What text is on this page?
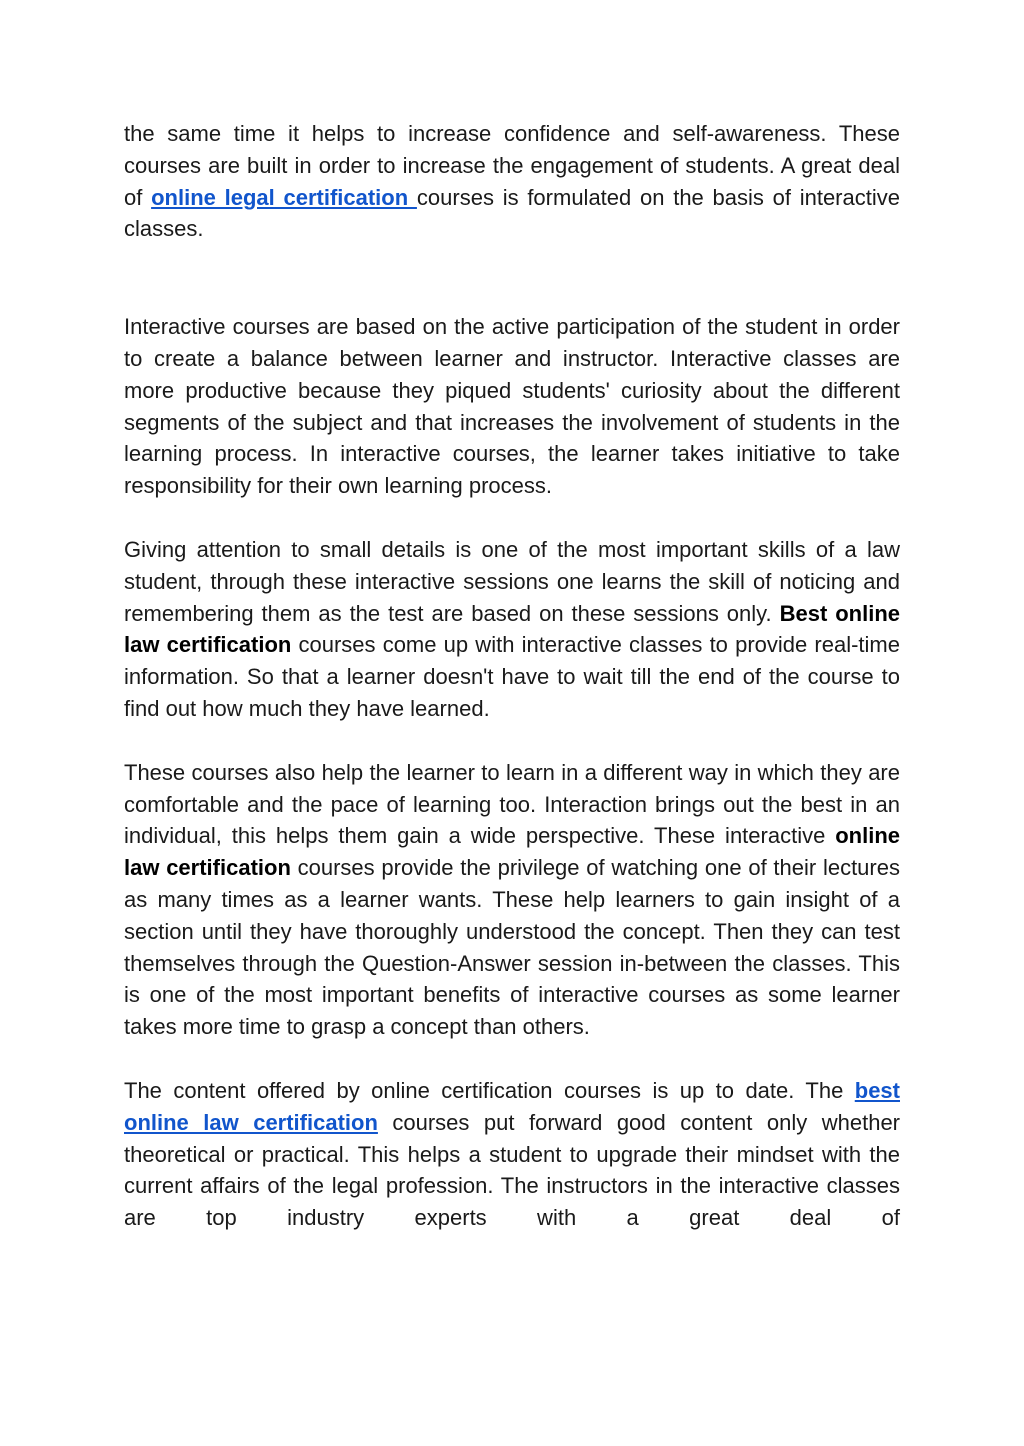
the same time it helps to increase confidence and self-awareness. These courses are built in order to increase the engagement of students. A great deal of online legal certification courses is formulated on the basis of interactive classes.

Interactive courses are based on the active participation of the student in order to create a balance between learner and instructor. Interactive classes are more productive because they piqued students' curiosity about the different segments of the subject and that increases the involvement of students in the learning process. In interactive courses, the learner takes initiative to take responsibility for their own learning process.

Giving attention to small details is one of the most important skills of a law student, through these interactive sessions one learns the skill of noticing and remembering them as the test are based on these sessions only. Best online law certification courses come up with interactive classes to provide real-time information. So that a learner doesn't have to wait till the end of the course to find out how much they have learned.

These courses also help the learner to learn in a different way in which they are comfortable and the pace of learning too. Interaction brings out the best in an individual, this helps them gain a wide perspective. These interactive online law certification courses provide the privilege of watching one of their lectures as many times as a learner wants. These help learners to gain insight of a section until they have thoroughly understood the concept. Then they can test themselves through the Question-Answer session in-between the classes. This is one of the most important benefits of interactive courses as some learner takes more time to grasp a concept than others.

The content offered by online certification courses is up to date. The best online law certification courses put forward good content only whether theoretical or practical. This helps a student to upgrade their mindset with the current affairs of the legal profession. The instructors in the interactive classes are top industry experts with a great deal of
